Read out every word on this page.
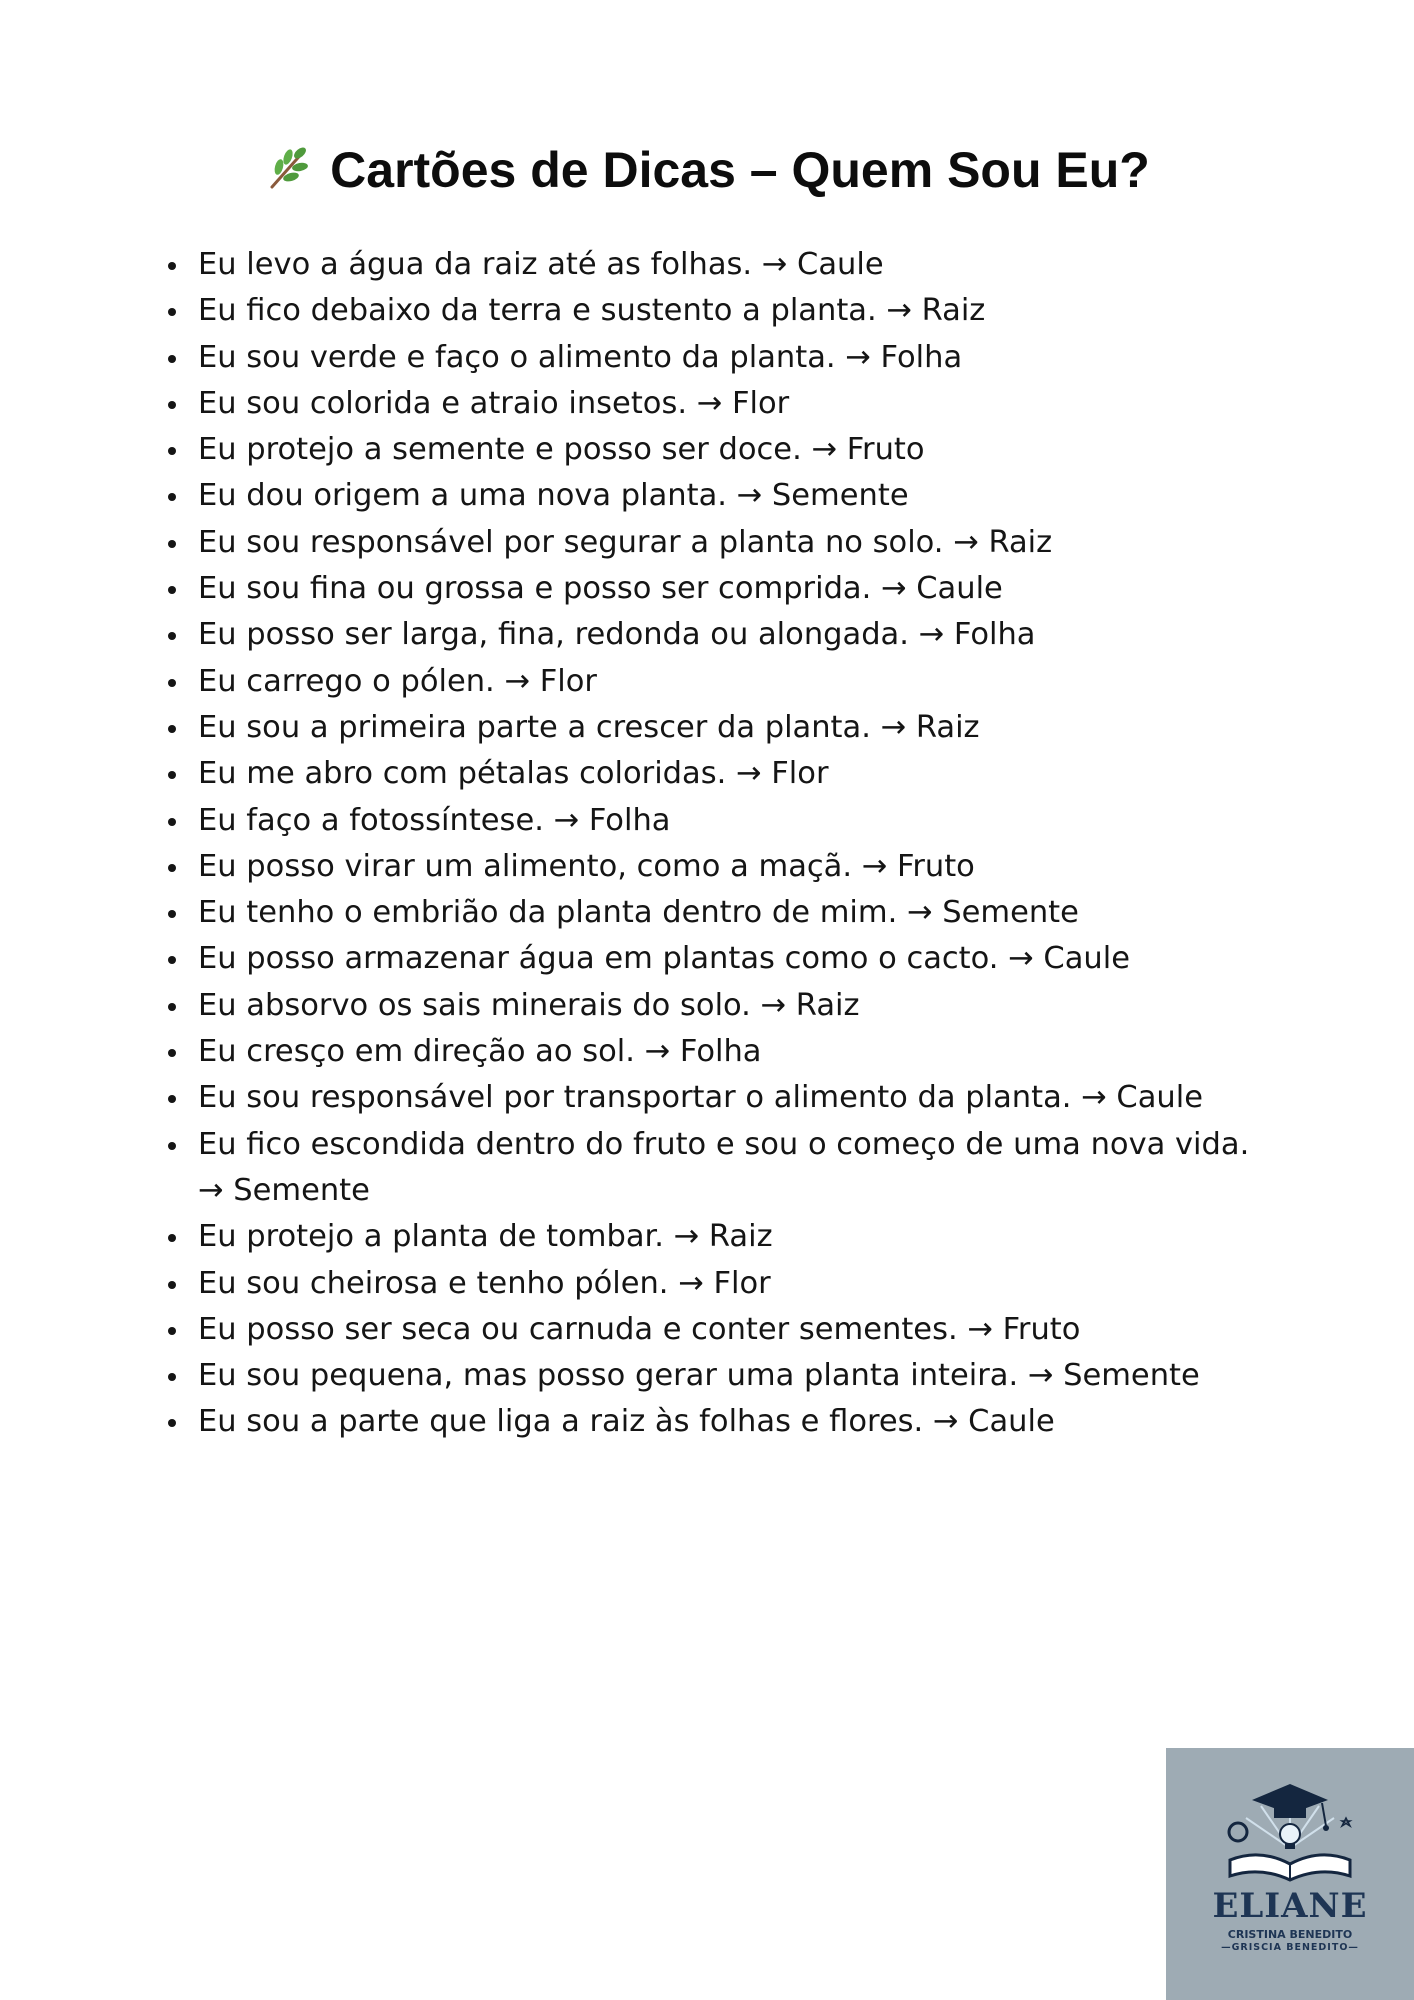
Cartões de Dicas – Quem Sou Eu?
Eu levo a água da raiz até as folhas. → Caule
Eu fico debaixo da terra e sustento a planta. → Raiz
Eu sou verde e faço o alimento da planta. → Folha
Eu sou colorida e atraio insetos. → Flor
Eu protejo a semente e posso ser doce. → Fruto
Eu dou origem a uma nova planta. → Semente
Eu sou responsável por segurar a planta no solo. → Raiz
Eu sou fina ou grossa e posso ser comprida. → Caule
Eu posso ser larga, fina, redonda ou alongada. → Folha
Eu carrego o pólen. → Flor
Eu sou a primeira parte a crescer da planta. → Raiz
Eu me abro com pétalas coloridas. → Flor
Eu faço a fotossíntese. → Folha
Eu posso virar um alimento, como a maçã. → Fruto
Eu tenho o embrião da planta dentro de mim. → Semente
Eu posso armazenar água em plantas como o cacto. → Caule
Eu absorvo os sais minerais do solo. → Raiz
Eu cresço em direção ao sol. → Folha
Eu sou responsável por transportar o alimento da planta. → Caule
Eu fico escondida dentro do fruto e sou o começo de uma nova vida. → Semente
Eu protejo a planta de tombar. → Raiz
Eu sou cheirosa e tenho pólen. → Flor
Eu posso ser seca ou carnuda e conter sementes. → Fruto
Eu sou pequena, mas posso gerar uma planta inteira. → Semente
Eu sou a parte que liga a raiz às folhas e flores. → Caule
ELIANE
CRISTINA BENEDITO
—GRISCIA BENEDITO—
